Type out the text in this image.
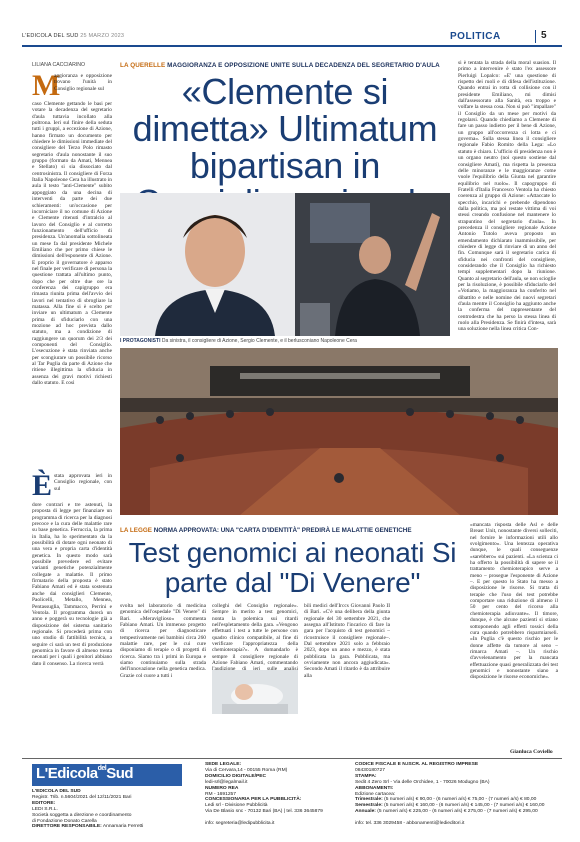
L'EDICOLA DEL SUD 25 MARZO 2023	POLITICA	5
LILIANA CACCIARINO
M
aggioranza e opposizione trovano l'unità in Consiglio regionale sul
caso Clemente gettando le basi per votare la decadenza del segretario d'aula tuttavia incollato alla poltrona. Ieri sul finire della seduta tutti i gruppi, a eccezione di Azione, hanno firmato un documento per chiedere le dimissioni immediate del consigliere del Terzo Polo rimasto segretario d'aula nonostante il suo gruppo (formato da Amati, Mennea e Stellato) si sia dissociato dal centrosinistra. Il consigliere di Forza Italia Napoleone Cera ha illustrato in aula il testo "anti-Clemente" subito appoggiato da una decina di interventi da parte dei due schieramenti: un'occasione per incorniciare il no comune di Azione e Clemente ritenuti d'intralcio al lavoro del Consiglio e al corretto funzionamento dell'ufficio di presidenza. Un'anomalia sottolineata un mese fa dal presidente Michele Emiliano che per primo chiese le dimissioni dell'esponente di Azione. E proprio il governatore è apparso nel finale per verificare di persona la questione trattata all'ultimo punto, dopo che per oltre due ore la conferenza dei capigruppo era rimasta riunita prima dell'avvio dei lavori nel tentativo di sbrogliare la matassa. Alla fine si è scelto per inviare un ultimatum a Clemente prima di sfiduciarlo con una mozione ad hoc prevista dallo statuto, ma a condizione di raggiungere un quorum dei 2/3 dei componenti del Consiglio. L'esecuzione è stata rinviata anche per scongiurare un possibile ricorso al Tar Puglia da parte di Azione che ritiene illegittima la sfiducia in assenza dei gravi motivi richiesti dallo statuto. E così
LA QUERELLE MAGGIORANZA E OPPOSIZIONE UNITE SULLA DECADENZA DEL SEGRETARIO D'AULA
«Clemente si dimetta» Ultimatum bipartisan in
I PROTAGONISTI Da sinistra, il consigliere di Azione, Sergio Clemente, e il berlusconiano Napoleone Cera
si è tentata la strada della moral suasion. Il primo a intervenire è stato l'ex assessore Pierluigi Lopalco: «E' una questione di rispetto dei ruoli e di difesa dell'istituzione. Quando entrai in rotta di collisione con il presidente Emiliano, mi dimisi dall'assessorato alla Sanità, era troppo e volfare la stessa cosa. Non si può "impallare" il Consiglio da un mese per motivi da regolarsi. Quando chiediamo a Clemente di fare un passo indietro per il bene di Azione, un gruppo all'occorrenza ci lotta e ci governa». Sulla stessa linea il consigliere regionale Fabio Romito della Lega: «Lo statuto è chiaro. L'ufficio di presidenza non è un organo neutro (noi questo sostiene dal consigliere Amati), ma rispetta la presenza delle minoranze e le maggioranze come vuole l'equilibrio della Giunta nel garantire equilibrio nel ruolo». Il capogruppo di Fratelli d'Italia Francesco Ventola ha chiesto coerenza al gruppo di Azione: «Attaccate lo specchio, incarichi e prebende dipendono dalla politica, ma poi restate vittima di voi stessi creando confusione nel mantenere lo strapuntino del segretario d'aula». In precedenza il consigliere regionale Azione Antonio Tutolo aveva proposto un emendamento dichiarato inammissibile, per chiedere di legge di rinviare di un anno del fin. Comunque sarà il segretario carica di sfiducia nei confronti del consigliere, considerando che il Consiglio ha richiesto tempi supplementari dopo la riunione. Quanto al segretario dell'aula, se non scioglie per la risoluzione, è possibile sfiduciarlo del «Votiamo, la maggioranza ha conferito nel dibattito e nelle nomine dei nuovi segretari d'aula mentre il Consiglio ha aggiunto anche la conferma del rappresentante del centrodestra che ha perso la stessa linea di ruolo alla Presidenza. Se finirà d'intesa, sarà una soluzione nella linea critica Con-
È stata approvata ieri in Consiglio regionale, con sul
dore contrari e tre astenuti, la proposta di legge per finanziare un programma di ricerca per la diagnosi precoce e la cura delle malattie rare su base genetica. Ferruccia, la prima in Italia, ha lo sperimentato da la possibilità di dotare ogni neonato di una vera e propria carta d'identità genetica. In questo modo sarà possibile prevedere ed evitare varianti genetiche potenzialmente collegate a malattie. Il primo firmatario della proposta è stato Fabiano Amati ed è stata sostenuta anche dai consiglieri Clemente, Paolicelli, Metallo, Mennea, Pentassuglia, Tammacco, Perrini e Ventola. Il programma durerà un anno e poggerà su tecnologie già a disposizione del sistema sanitario regionale. Si procederà prima con uno studio di fattibilità tecnica, a seguire ci sarà un test di produzione genomica in favore di almeno trenta neonati per i quali i genitori abbiano dato il consenso. La ricerca verrà
LA LEGGE NORMA APPROVATA: UNA "CARTA D'IDENTITÀ" PREDIRÀ LE MALATTIE GENETICHE
Test genomici ai neonati Si parte dal "Di Venere"
svolta nel laboratorio di medicina genomica dell'ospedale "Di Venere" di Bari. «Meraviglioso» commenta Fabiano Amati. Un immenso progetto di ricerca per diagnosticare tempestivamente nei bambini circa 260 malattie rare, per le cui cure disponiamo di terapie o di progetti di ricerca. Siamo tra i primi in Europa e siamo continuiamo sulla strada dell'innovazione nella genetica medica. Grazie col cuore a tutti i
colleghi del Consiglio regionale». Sempre in merito a test genomici, nonta la polemica sui ritardi nell'espletamento della gara. «Vengono effettuati i test a tutte le persone con quadro clinico compatibile, al fine di verificare l'appropriatezza della chemioterapia?». A domandarlo è sempre il consigliere regionale di Azione Fabiano Amati, commentando
bili medici dell'Irccs Giovanni Paolo II di Bari. «C'è una delibera della giunta regionale del 30 settembre 2021, che assegna all'Istituto l'incarico di fare la gara per l'acquisto di test genomici – ricostruisce il consigliere regionale–. Dal settembre 2021 solo a febbraio 2023, dopo un anno e mezzo, è stata pubblicata la gara. Pubblicata, ma ovviamente non ancora aggiudicata». Secondo Amati il ritardo è da attribuire alla
«mancata risposta delle Asl e delle Breast Unit, nonostante diversi solleciti, nel fornire le informazioni utili allo svolgimento». Una lentezza operativa dunque, le quali conseguenze «sarebbero» sui pazienti. «La scienza ci ha offerto la possibilità di sapere se il trattamento chemioterapico serve a meno – prosegue l'esponente di Azione –. E per questo lo Stato ha messo a disposizione le risorse. Si tratta di terapie che l'uso dei test potrebbe comportare una riduzione di almeno il 50 per cento del ricorso alla chemioterapia adiuvante». Il timore, dunque, è che alcune pazienti si stiano sottoponendo agli effetti tossici della cura quando potrebbero risparmiarseli. «In Puglia c'è questo rischio per le donne affette da tumore al seno – rimarca Amati –. Un rischio d'avvelenamento per la mancata effettuazione quasi generalizzata dei test genomici e nonostante siano a disposizione le risorse economiche».
Gianluca Coviello
L'Edicola$^{del}$Sud
L'EDICOLA DEL SUD
Registr. Trib. n.5604/2021 del 12/11/2021 Bari
EDITORE:
LEDI S.R.L.
Società soggetta a direzione e coordinamento
di Fondazione Donato Carella
DIRETTORE RESPONSABILE: Annamaria Ferretti
SEDE LEGALE:
Via di Cervara,14 - 00155 Roma (RM)
DOMICILIO DIGITALE/PEC
ledi-srl@legalmail.it
NUMERO REA
RM - 1691257
CONCESSIONARIA PER LA PUBBLICITÀ:
Ledi srl - Divisione Pubblicità
Via De Blasio snc - 70132 Bari (BA) | tel. 336 3645879

info: segreteria@ledipubblicita.it
CODICE FISCALE E N.ISCR. AL REGISTRO IMPRESE
08430180727
STAMPA:
Sedit 4 Zero Srl - Via delle Orchidee, 1 - 70026 Modugno (BA)
ABBONAMENTI:
Edizione cartacea:
Trimestrale: (5 numeri a/s) € 90,00 - (6 numeri a/s) € 75,00 - (7 numeri a/s) € 80,00
Semestrale: (5 numeri a/s) € 160,00 - (6 numeri a/s) € 145,00 - (7 numeri a/s) € 160,00
Annuale: (5 numeri a/s) € 225,00 - (6 numeri a/s) € 275,00 - (7 numeri a/s) € 295,00

info: tel. 336 3029458 - abbonamenti@ledieditori.it
